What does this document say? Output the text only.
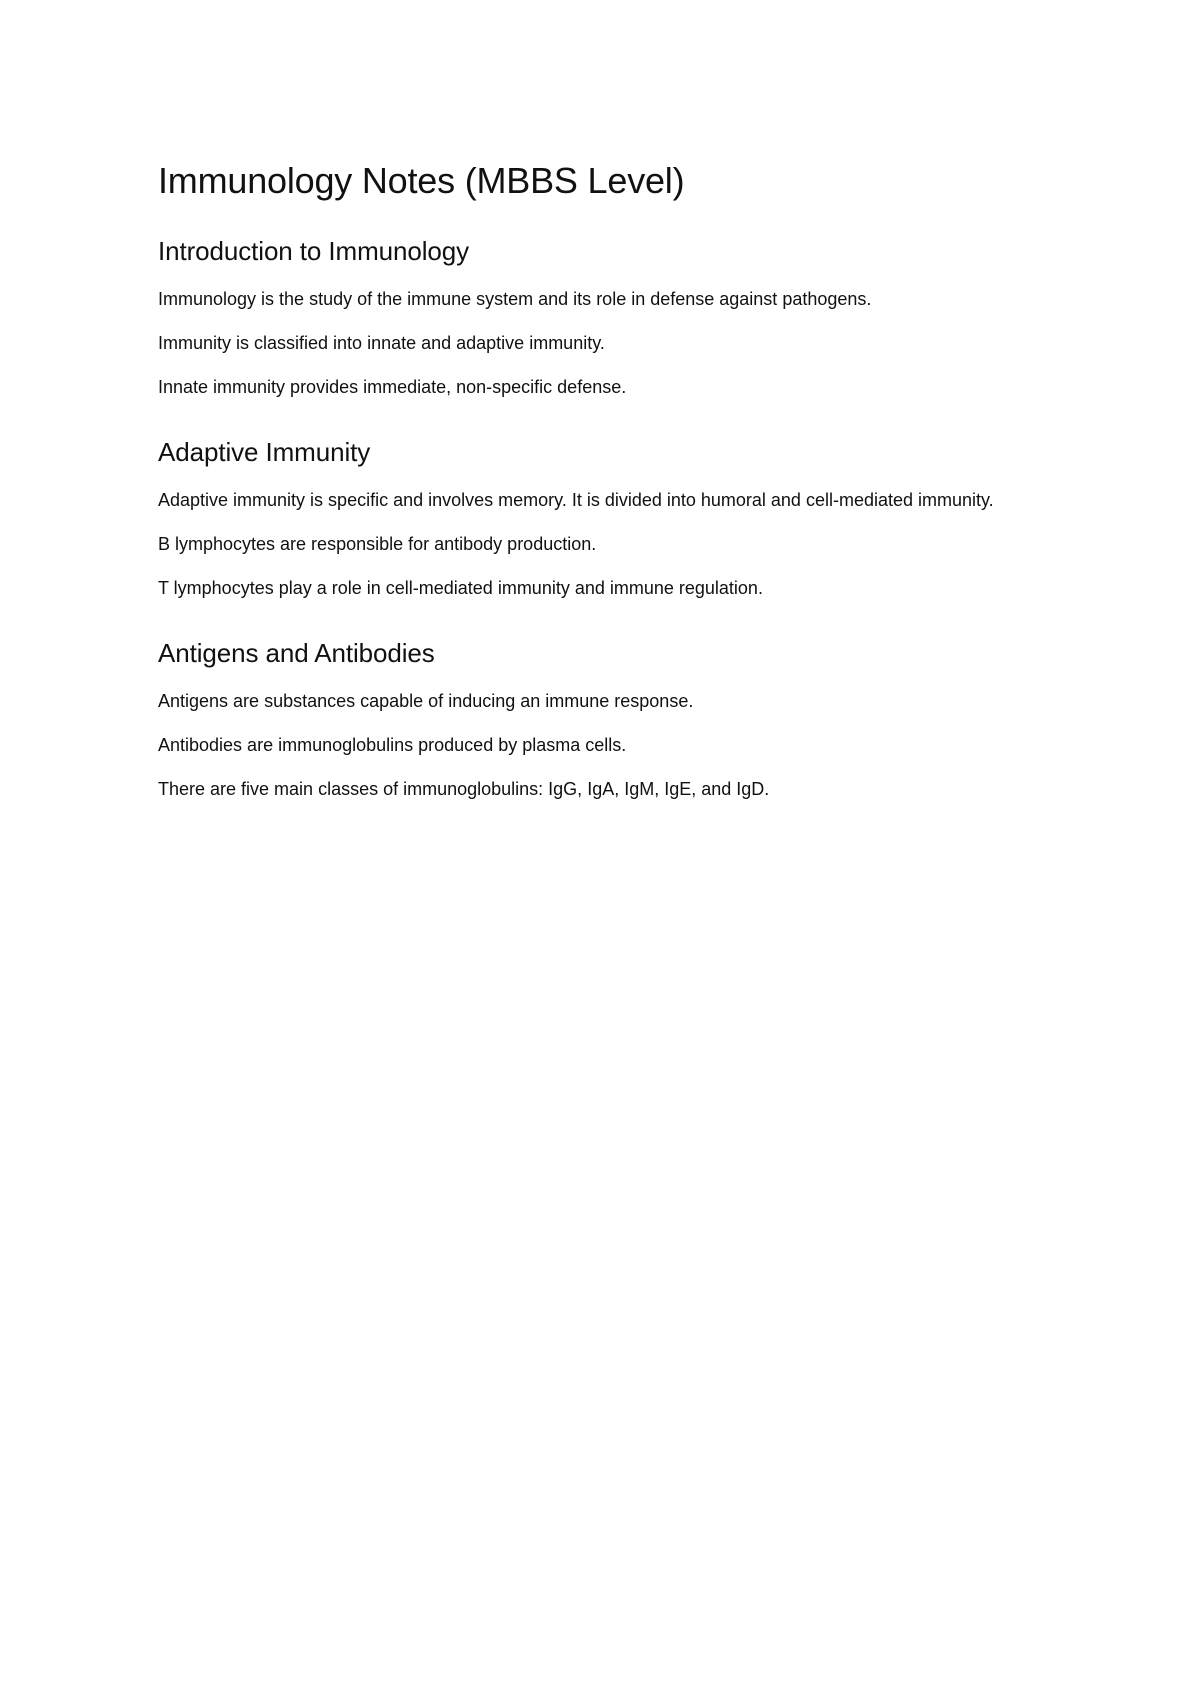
Immunology Notes (MBBS Level)
Introduction to Immunology

Immunology is the study of the immune system and its role in defense against pathogens.

Immunity is classified into innate and adaptive immunity.

Innate immunity provides immediate, non-specific defense.

Adaptive Immunity

Adaptive immunity is specific and involves memory. It is divided into humoral and cell-mediated immunity.

B lymphocytes are responsible for antibody production.

T lymphocytes play a role in cell-mediated immunity and immune regulation.

Antigens and Antibodies

Antigens are substances capable of inducing an immune response.

Antibodies are immunoglobulins produced by plasma cells.

There are five main classes of immunoglobulins: IgG, IgA, IgM, IgE, and IgD.
